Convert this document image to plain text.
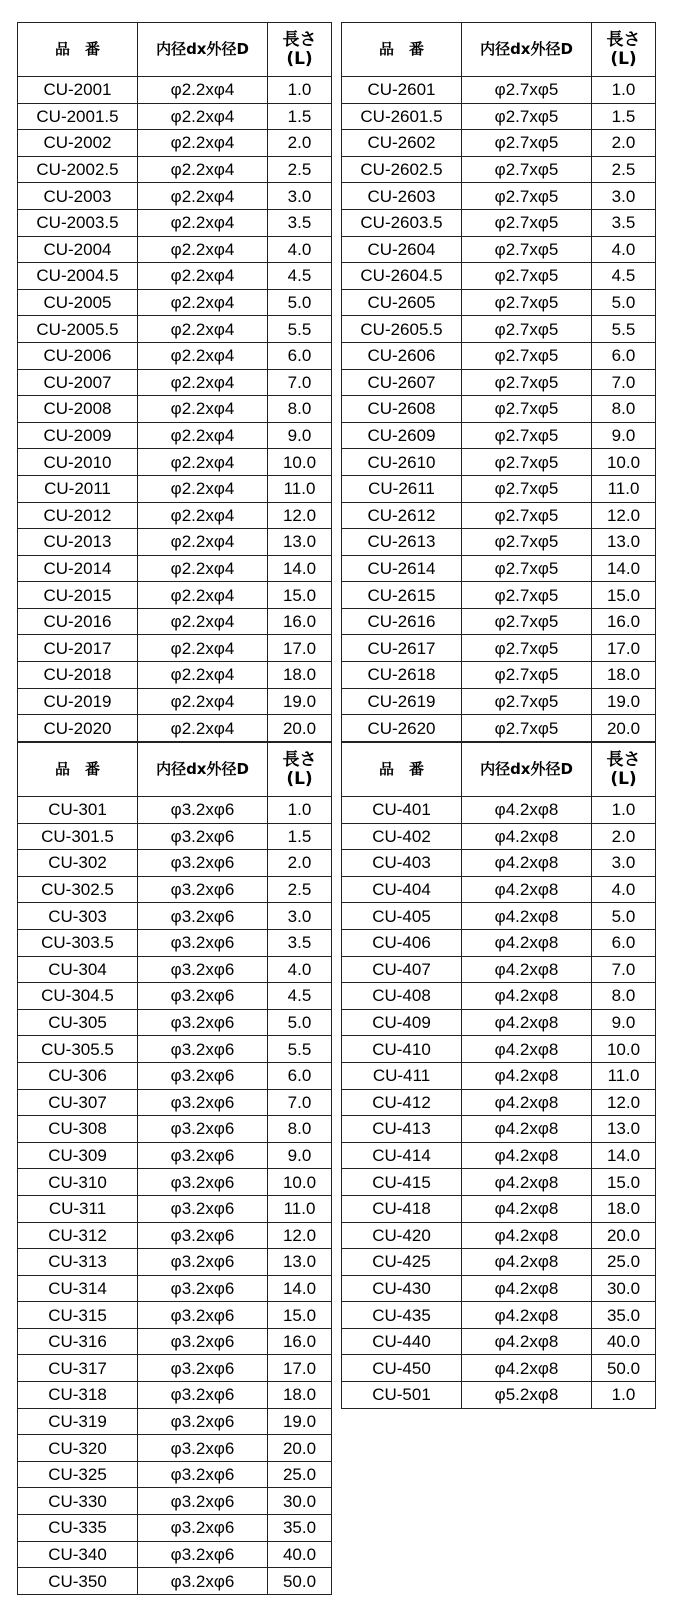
品　番	内径dx外径D	長さ
(L)

CU-2001	φ2.2xφ4	1.0
CU-2001.5	φ2.2xφ4	1.5
CU-2002	φ2.2xφ4	2.0
CU-2002.5	φ2.2xφ4	2.5
CU-2003	φ2.2xφ4	3.0
CU-2003.5	φ2.2xφ4	3.5
CU-2004	φ2.2xφ4	4.0
CU-2004.5	φ2.2xφ4	4.5
CU-2005	φ2.2xφ4	5.0
CU-2005.5	φ2.2xφ4	5.5
CU-2006	φ2.2xφ4	6.0
CU-2007	φ2.2xφ4	7.0
CU-2008	φ2.2xφ4	8.0
CU-2009	φ2.2xφ4	9.0
CU-2010	φ2.2xφ4	10.0
CU-2011	φ2.2xφ4	11.0
CU-2012	φ2.2xφ4	12.0
CU-2013	φ2.2xφ4	13.0
CU-2014	φ2.2xφ4	14.0
CU-2015	φ2.2xφ4	15.0
CU-2016	φ2.2xφ4	16.0
CU-2017	φ2.2xφ4	17.0
CU-2018	φ2.2xφ4	18.0
CU-2019	φ2.2xφ4	19.0
CU-2020	φ2.2xφ4	20.0
品　番	内径dx外径D	長さ
(L)

CU-2601	φ2.7xφ5	1.0
CU-2601.5	φ2.7xφ5	1.5
CU-2602	φ2.7xφ5	2.0
CU-2602.5	φ2.7xφ5	2.5
CU-2603	φ2.7xφ5	3.0
CU-2603.5	φ2.7xφ5	3.5
CU-2604	φ2.7xφ5	4.0
CU-2604.5	φ2.7xφ5	4.5
CU-2605	φ2.7xφ5	5.0
CU-2605.5	φ2.7xφ5	5.5
CU-2606	φ2.7xφ5	6.0
CU-2607	φ2.7xφ5	7.0
CU-2608	φ2.7xφ5	8.0
CU-2609	φ2.7xφ5	9.0
CU-2610	φ2.7xφ5	10.0
CU-2611	φ2.7xφ5	11.0
CU-2612	φ2.7xφ5	12.0
CU-2613	φ2.7xφ5	13.0
CU-2614	φ2.7xφ5	14.0
CU-2615	φ2.7xφ5	15.0
CU-2616	φ2.7xφ5	16.0
CU-2617	φ2.7xφ5	17.0
CU-2618	φ2.7xφ5	18.0
CU-2619	φ2.7xφ5	19.0
CU-2620	φ2.7xφ5	20.0
品　番	内径dx外径D	長さ
(L)

CU-301	φ3.2xφ6	1.0
CU-301.5	φ3.2xφ6	1.5
CU-302	φ3.2xφ6	2.0
CU-302.5	φ3.2xφ6	2.5
CU-303	φ3.2xφ6	3.0
CU-303.5	φ3.2xφ6	3.5
CU-304	φ3.2xφ6	4.0
CU-304.5	φ3.2xφ6	4.5
CU-305	φ3.2xφ6	5.0
CU-305.5	φ3.2xφ6	5.5
CU-306	φ3.2xφ6	6.0
CU-307	φ3.2xφ6	7.0
CU-308	φ3.2xφ6	8.0
CU-309	φ3.2xφ6	9.0
CU-310	φ3.2xφ6	10.0
CU-311	φ3.2xφ6	11.0
CU-312	φ3.2xφ6	12.0
CU-313	φ3.2xφ6	13.0
CU-314	φ3.2xφ6	14.0
CU-315	φ3.2xφ6	15.0
CU-316	φ3.2xφ6	16.0
CU-317	φ3.2xφ6	17.0
CU-318	φ3.2xφ6	18.0
CU-319	φ3.2xφ6	19.0
CU-320	φ3.2xφ6	20.0
CU-325	φ3.2xφ6	25.0
CU-330	φ3.2xφ6	30.0
CU-335	φ3.2xφ6	35.0
CU-340	φ3.2xφ6	40.0
CU-350	φ3.2xφ6	50.0
品　番	内径dx外径D	長さ
(L)

CU-401	φ4.2xφ8	1.0
CU-402	φ4.2xφ8	2.0
CU-403	φ4.2xφ8	3.0
CU-404	φ4.2xφ8	4.0
CU-405	φ4.2xφ8	5.0
CU-406	φ4.2xφ8	6.0
CU-407	φ4.2xφ8	7.0
CU-408	φ4.2xφ8	8.0
CU-409	φ4.2xφ8	9.0
CU-410	φ4.2xφ8	10.0
CU-411	φ4.2xφ8	11.0
CU-412	φ4.2xφ8	12.0
CU-413	φ4.2xφ8	13.0
CU-414	φ4.2xφ8	14.0
CU-415	φ4.2xφ8	15.0
CU-418	φ4.2xφ8	18.0
CU-420	φ4.2xφ8	20.0
CU-425	φ4.2xφ8	25.0
CU-430	φ4.2xφ8	30.0
CU-435	φ4.2xφ8	35.0
CU-440	φ4.2xφ8	40.0
CU-450	φ4.2xφ8	50.0
CU-501	φ5.2xφ8	1.0
